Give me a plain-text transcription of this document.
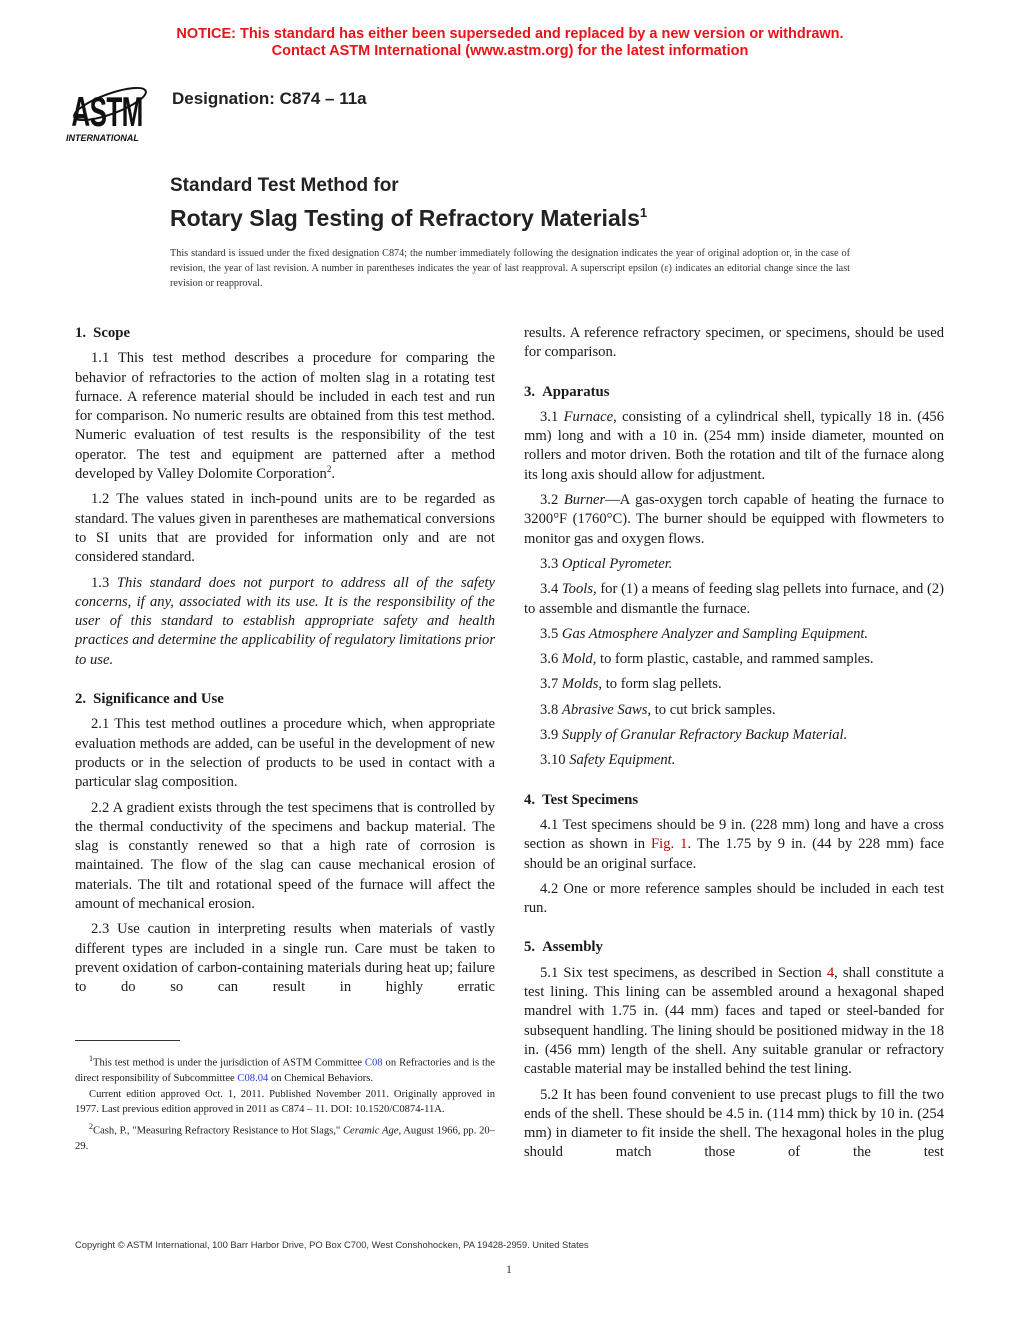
NOTICE: This standard has either been superseded and replaced by a new version or withdrawn.
Contact ASTM International (www.astm.org) for the latest information
ASTM
INTERNATIONAL
Designation: C874 – 11a
Standard Test Method for
Rotary Slag Testing of Refractory Materials$^1$
This standard is issued under the fixed designation C874; the number immediately following the designation indicates the year of original adoption or, in the case of revision, the year of last revision. A number in parentheses indicates the year of last reapproval. A superscript epsilon (ε) indicates an editorial change since the last revision or reapproval.
1. Scope

1.1 This test method describes a procedure for comparing the behavior of refractories to the action of molten slag in a rotating test furnace. A reference material should be included in each test and run for comparison. No numeric results are obtained from this test method. Numeric evaluation of test results is the responsibility of the test operator. The test and equipment are patterned after a method developed by Valley Dolomite Corporation$^2$.

1.2 The values stated in inch-pound units are to be regarded as standard. The values given in parentheses are mathematical conversions to SI units that are provided for information only and are not considered standard.

1.3 This standard does not purport to address all of the safety concerns, if any, associated with its use. It is the responsibility of the user of this standard to establish appropriate safety and health practices and determine the applicability of regulatory limitations prior to use.

2. Significance and Use

2.1 This test method outlines a procedure which, when appropriate evaluation methods are added, can be useful in the development of new products or in the selection of products to be used in contact with a particular slag composition.

2.2 A gradient exists through the test specimens that is controlled by the thermal conductivity of the specimens and backup material. The slag is constantly renewed so that a high rate of corrosion is maintained. The flow of the slag can cause mechanical erosion of materials. The tilt and rotational speed of the furnace will affect the amount of mechanical erosion.

2.3 Use caution in interpreting results when materials of vastly different types are included in a single run. Care must be taken to prevent oxidation of carbon-containing materials during heat up; failure to do so can result in highly erratic

$^1$This test method is under the jurisdiction of ASTM Committee C08 on Refractories and is the direct responsibility of Subcommittee C08.04 on Chemical Behaviors.

Current edition approved Oct. 1, 2011. Published November 2011. Originally approved in 1977. Last previous edition approved in 2011 as C874 – 11. DOI: 10.1520/C0874-11A.

$^2$Cash, P., "Measuring Refractory Resistance to Hot Slags," Ceramic Age, August 1966, pp. 20–29.

results. A reference refractory specimen, or specimens, should be used for comparison.

3. Apparatus

3.1 Furnace, consisting of a cylindrical shell, typically 18 in. (456 mm) long and with a 10 in. (254 mm) inside diameter, mounted on rollers and motor driven. Both the rotation and tilt of the furnace along its long axis should allow for adjustment.

3.2 Burner—A gas-oxygen torch capable of heating the furnace to 3200°F (1760°C). The burner should be equipped with flowmeters to monitor gas and oxygen flows.

3.3 Optical Pyrometer.

3.4 Tools, for (1) a means of feeding slag pellets into furnace, and (2) to assemble and dismantle the furnace.

3.5 Gas Atmosphere Analyzer and Sampling Equipment.

3.6 Mold, to form plastic, castable, and rammed samples.

3.7 Molds, to form slag pellets.

3.8 Abrasive Saws, to cut brick samples.

3.9 Supply of Granular Refractory Backup Material.

3.10 Safety Equipment.

4. Test Specimens

4.1 Test specimens should be 9 in. (228 mm) long and have a cross section as shown in Fig. 1. The 1.75 by 9 in. (44 by 228 mm) face should be an original surface.

4.2 One or more reference samples should be included in each test run.

5. Assembly

5.1 Six test specimens, as described in Section 4, shall constitute a test lining. This lining can be assembled around a hexagonal shaped mandrel with 1.75 in. (44 mm) faces and taped or steel-banded for subsequent handling. The lining should be positioned midway in the 18 in. (456 mm) length of the shell. Any suitable granular or refractory castable material may be installed behind the test lining.

5.2 It has been found convenient to use precast plugs to fill the two ends of the shell. These should be 4.5 in. (114 mm) thick by 10 in. (254 mm) in diameter to fit inside the shell. The hexagonal holes in the plug should match those of the test

Copyright © ASTM International, 100 Barr Harbor Drive, PO Box C700, West Conshohocken, PA 19428-2959. United States
1
